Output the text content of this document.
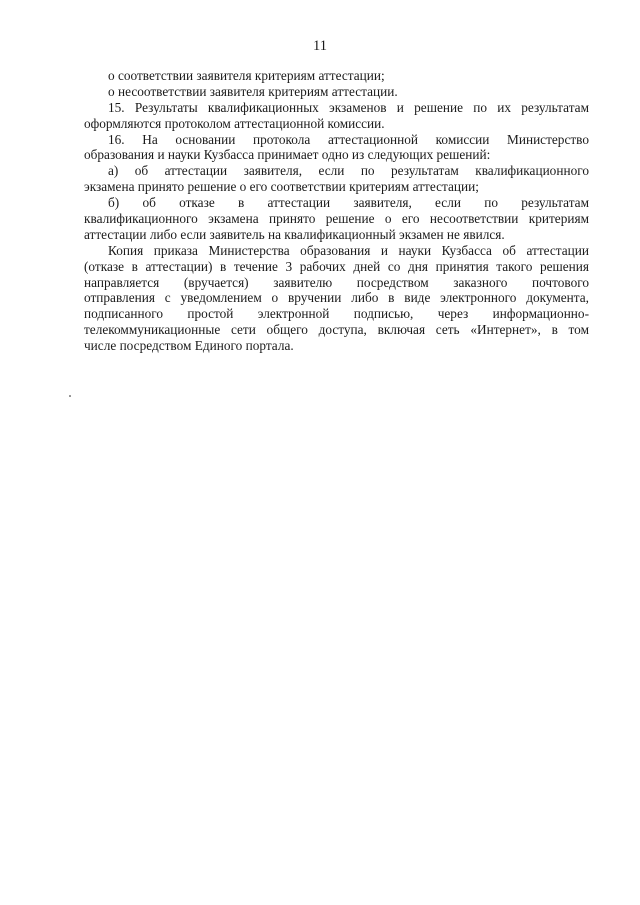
11
о соответствии заявителя критериям аттестации;
о несоответствии заявителя критериям аттестации.
15. Результаты квалификационных экзаменов и решение по их результатам
оформляются протоколом аттестационной комиссии.
16. На основании протокола аттестационной комиссии Министерство
образования и науки Кузбасса принимает одно из следующих решений:
а) об аттестации заявителя, если по результатам квалификационного
экзамена принято решение о его соответствии критериям аттестации;
б) об отказе в аттестации заявителя, если по результатам
квалификационного экзамена принято решение о его несоответствии критериям
аттестации либо если заявитель на квалификационный экзамен не явился.
Копия приказа Министерства образования и науки Кузбасса об аттестации
(отказе в аттестации) в течение 3 рабочих дней со дня принятия такого решения
направляется (вручается) заявителю посредством заказного почтового
отправления с уведомлением о вручении либо в виде электронного документа,
подписанного простой электронной подписью, через информационно-
телекоммуникационные сети общего доступа, включая сеть «Интернет», в том
числе посредством Единого портала.
